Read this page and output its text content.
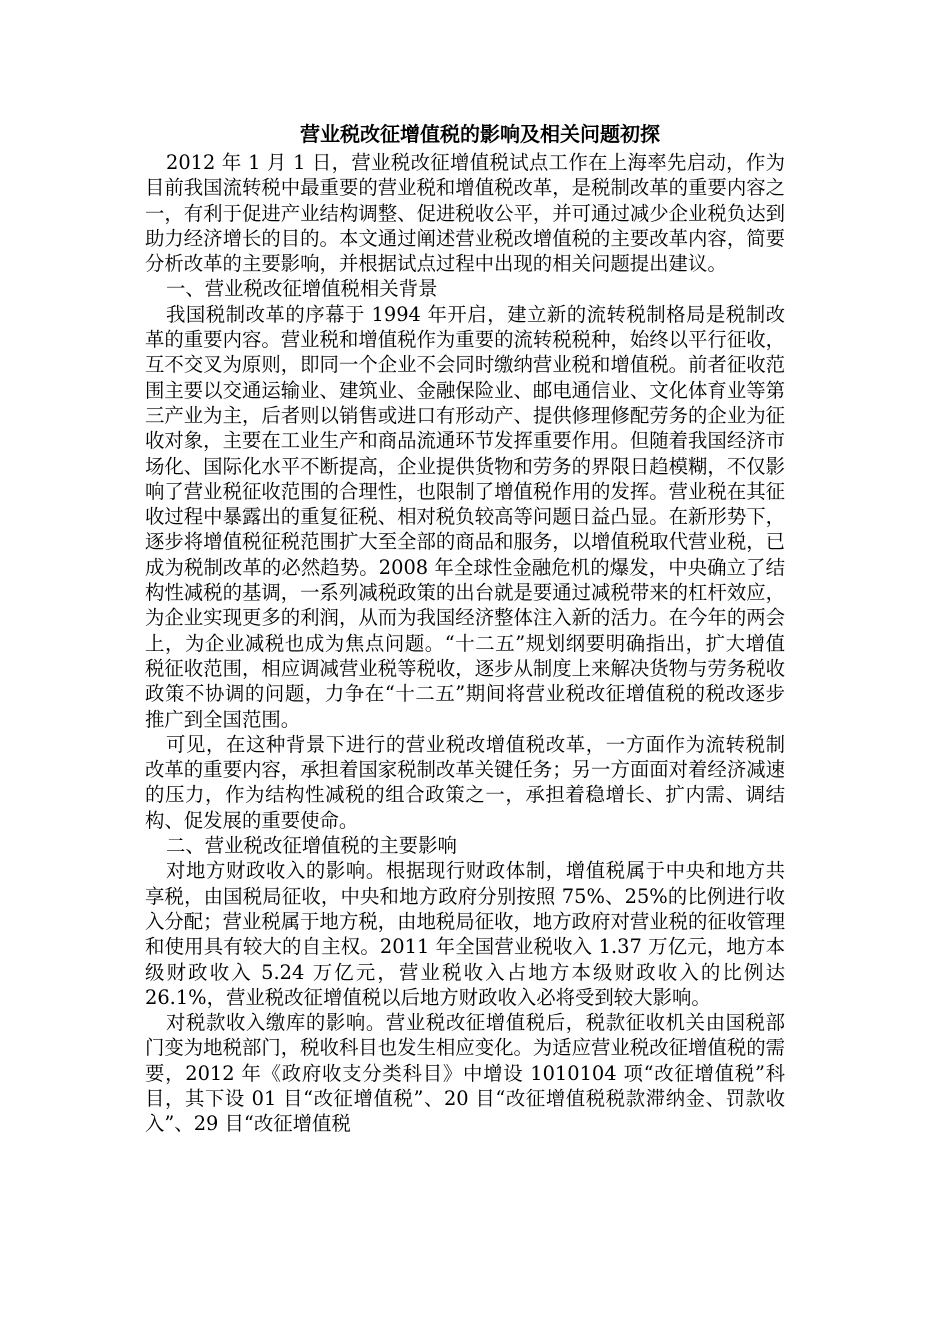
营业税改征增值税的影响及相关问题初探

2012 年 1 月 1 日，营业税改征增值税试点工作在上海率先启动，作为目前我国流转税中最重要的营业税和增值税改革，是税制改革的重要内容之一，有利于促进产业结构调整、促进税收公平，并可通过减少企业税负达到助力经济增长的目的。本文通过阐述营业税改增值税的主要改革内容，简要分析改革的主要影响，并根据试点过程中出现的相关问题提出建议。

一、营业税改征增值税相关背景

我国税制改革的序幕于 1994 年开启，建立新的流转税制格局是税制改革的重要内容。营业税和增值税作为重要的流转税税种，始终以平行征收，互不交叉为原则，即同一个企业不会同时缴纳营业税和增值税。前者征收范围主要以交通运输业、建筑业、金融保险业、邮电通信业、文化体育业等第三产业为主，后者则以销售或进口有形动产、提供修理修配劳务的企业为征收对象，主要在工业生产和商品流通环节发挥重要作用。但随着我国经济市场化、国际化水平不断提高，企业提供货物和劳务的界限日趋模糊，不仅影响了营业税征收范围的合理性，也限制了增值税作用的发挥。营业税在其征收过程中暴露出的重复征税、相对税负较高等问题日益凸显。在新形势下，逐步将增值税征税范围扩大至全部的商品和服务，以增值税取代营业税，已成为税制改革的必然趋势。2008 年全球性金融危机的爆发，中央确立了结构性减税的基调，一系列减税政策的出台就是要通过减税带来的杠杆效应，为企业实现更多的利润，从而为我国经济整体注入新的活力。在今年的两会上，为企业减税也成为焦点问题。“十二五”规划纲要明确指出，扩大增值税征收范围，相应调减营业税等税收，逐步从制度上来解决货物与劳务税收政策不协调的问题，力争在“十二五”期间将营业税改征增值税的税改逐步推广到全国范围。

可见，在这种背景下进行的营业税改增值税改革，一方面作为流转税制改革的重要内容，承担着国家税制改革关键任务；另一方面面对着经济减速的压力，作为结构性减税的组合政策之一，承担着稳增长、扩内需、调结构、促发展的重要使命。

二、营业税改征增值税的主要影响

对地方财政收入的影响。根据现行财政体制，增值税属于中央和地方共享税，由国税局征收，中央和地方政府分别按照 75%、25%的比例进行收入分配；营业税属于地方税，由地税局征收，地方政府对营业税的征收管理和使用具有较大的自主权。2011 年全国营业税收入 1.37 万亿元，地方本级财政收入 5.24 万亿元，营业税收入占地方本级财政收入的比例达 26.1%，营业税改征增值税以后地方财政收入必将受到较大影响。

对税款收入缴库的影响。营业税改征增值税后，税款征收机关由国税部门变为地税部门，税收科目也发生相应变化。为适应营业税改征增值税的需要，2012 年《政府收支分类科目》中增设 1010104 项“改征增值税”科目，其下设 01 目“改征增值税”、20 目“改征增值税税款滞纳金、罚款收入”、29 目“改征增值税
